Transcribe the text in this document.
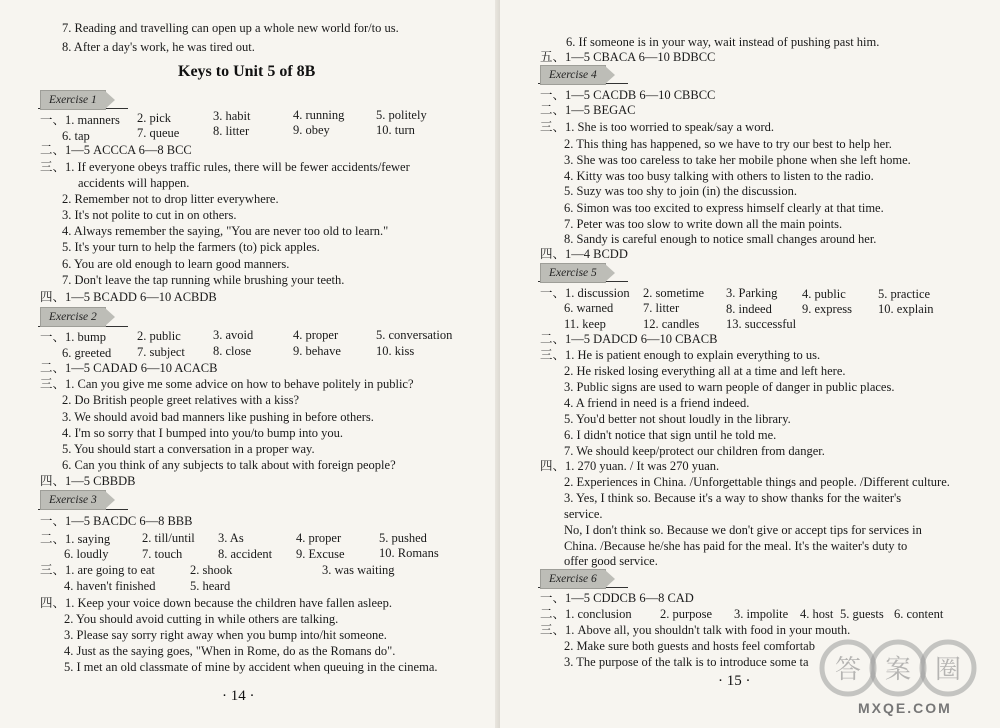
7. Reading and travelling can open up a whole new world for/to us.
8. After a day's work, he was tired out.
Keys to Unit 5 of 8B
Exercise 1
一、1. manners 2. pick	3. habit	4. running	5. politely
6. tap	7. queue	8. litter	9. obey	10. turn
二、1—5 ACCCA 6—8 BCC
三、1. If everyone obeys traffic rules, there will be fewer accidents/fewer
accidents will happen.
2. Remember not to drop litter everywhere.
3. It's not polite to cut in on others.
4. Always remember the saying, "You are never too old to learn."
5. It's your turn to help the farmers (to) pick apples.
6. You are old enough to learn good manners.
7. Don't leave the tap running while brushing your teeth.
四、1—5 BCADD 6—10 ACBDB
Exercise 2
一、1. bump 2. public	3. avoid	4. proper	5. conversation
6. greeted 7. subject 8. close	9. behave	10. kiss
二、1—5 CADAD 6—10 ACACB
三、1. Can you give me some advice on how to behave politely in public?
2. Do British people greet relatives with a kiss?
3. We should avoid bad manners like pushing in before others.
4. I'm so sorry that I bumped into you/to bump into you.
5. You should start a conversation in a proper way.
6. Can you think of any subjects to talk about with foreign people?
四、1—5 CBBDB
Exercise 3
一、1—5 BACDC 6—8 BBB
二、1. saying	2. till/until 3. As	4. proper	5. pushed
6. loudly	7. touch	8. accident 9. Excuse	10. Romans
三、1. are going to eat	2. shook	3. was waiting
4. haven't finished	5. heard
四、1. Keep your voice down because the children have fallen asleep.
2. You should avoid cutting in while others are talking.
3. Please say sorry right away when you bump into/hit someone.
4. Just as the saying goes, "When in Rome, do as the Romans do".
5. I met an old classmate of mine by accident when queuing in the cinema.
· 14 ·
6. If someone is in your way, wait instead of pushing past him.
五、1—5 CBACA 6—10 BDBCC
Exercise 4
一、1—5 CACDB 6—10 CBBCC
二、1—5 BEGAC
三、1. She is too worried to speak/say a word.
2. This thing has happened, so we have to try our best to help her.
3. She was too careless to take her mobile phone when she left home.
4. Kitty was too busy talking with others to listen to the radio.
5. Suzy was too shy to join (in) the discussion.
6. Simon was too excited to express himself clearly at that time.
7. Peter was too slow to write down all the main points.
8. Sandy is careful enough to notice small changes around her.
四、1—4 BCDD
Exercise 5
一、1. discussion 2. sometime 3. Parking 4. public	5. practice
6. warned 7. litter	8. indeed 9. express 10. explain
11. keep	12. candles 13. successful
二、1—5 DADCD 6—10 CBACB
三、1. He is patient enough to explain everything to us.
2. He risked losing everything all at a time and left here.
3. Public signs are used to warn people of danger in public places.
4. A friend in need is a friend indeed.
5. You'd better not shout loudly in the library.
6. I didn't notice that sign until he told me.
7. We should keep/protect our children from danger.
四、1. 270 yuan. / It was 270 yuan.
2. Experiences in China. /Unforgettable things and people. /Different culture.
3. Yes, I think so. Because it's a way to show thanks for the waiter's
service.
No, I don't think so. Because we don't give or accept tips for services in
China. /Because he/she has paid for the meal. It's the waiter's duty to
offer good service.
Exercise 6
一、1—5 CDDCB 6—8 CAD
二、1. conclusion 2. purpose 3. impolite 4. host 5. guests 6. content
三、1. Above all, you shouldn't talk with food in your mouth.
2. Make sure both guests and hosts feel comfortab
3. The purpose of the talk is to introduce some ta
· 15 ·	答 案 圈
MXQE.COM
